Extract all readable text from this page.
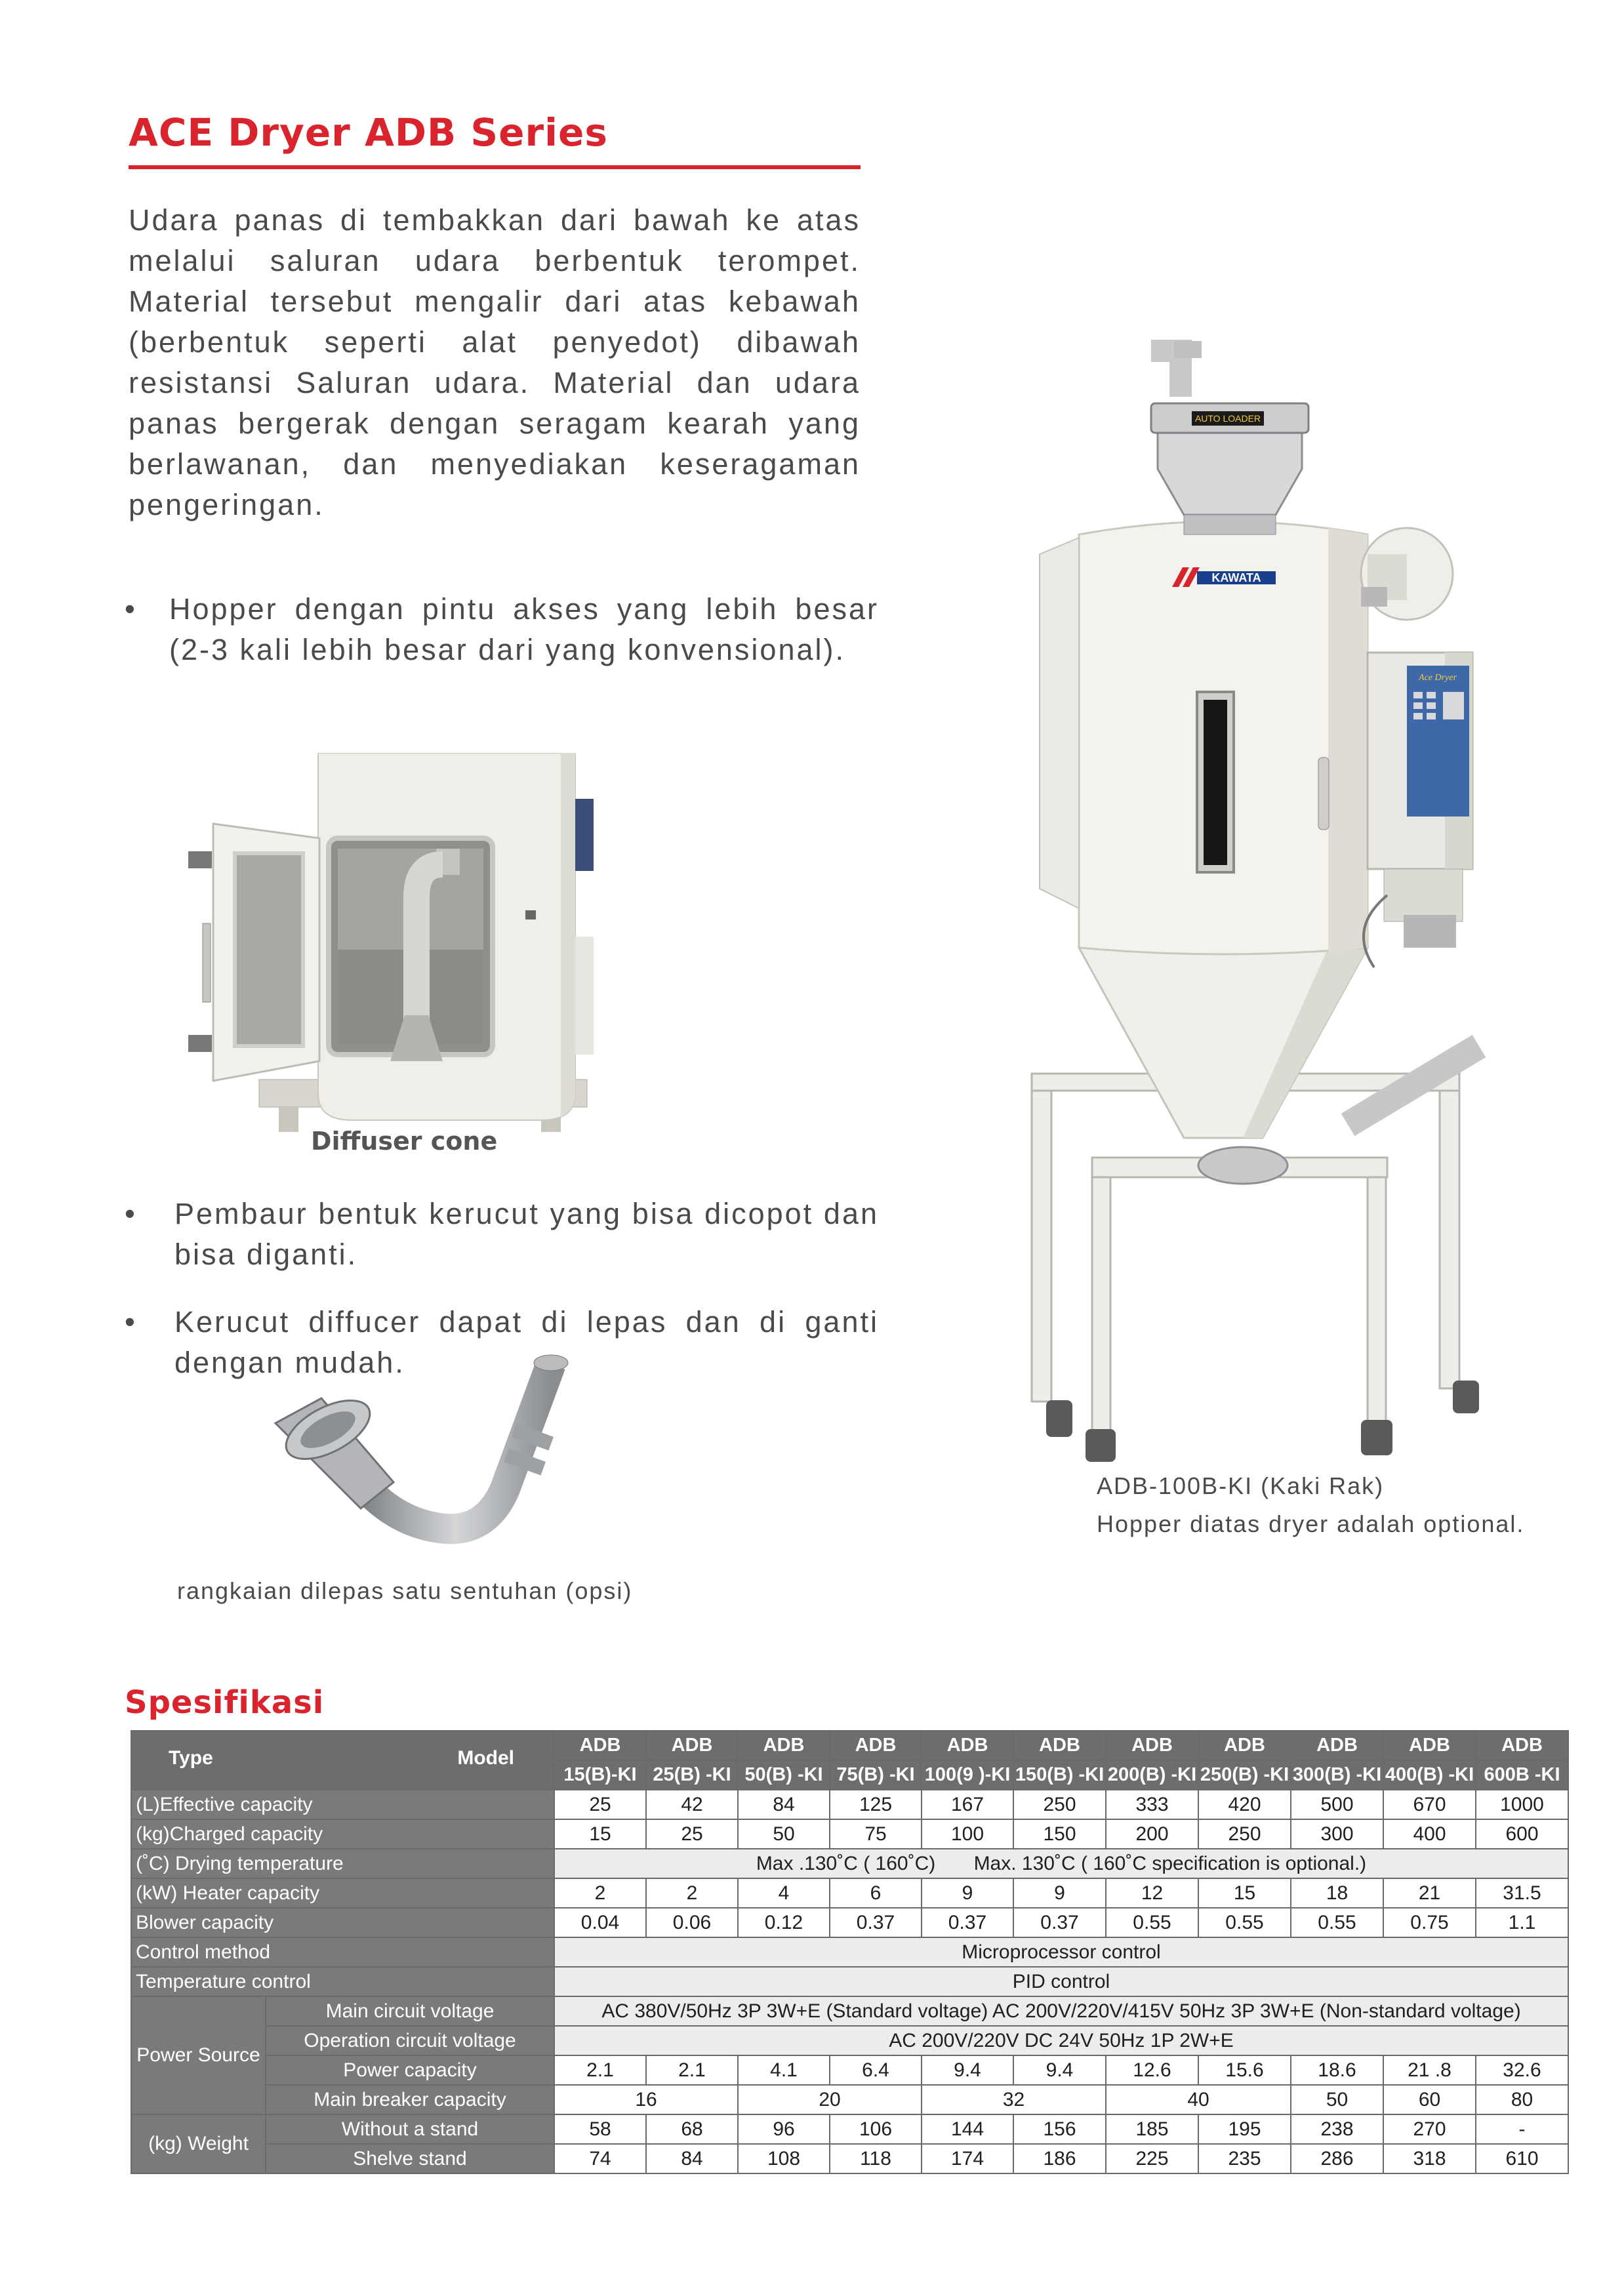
ACE Dryer ADB Series

Udara panas di tembakkan dari bawah ke atas melalui saluran udara berbentuk terompet. Material tersebut mengalir dari atas kebawah (berbentuk seperti alat penyedot) dibawah resistansi Saluran udara. Material dan udara panas bergerak dengan seragam kearah yang berlawanan, dan menyediakan keseragaman pengeringan.

• Hopper dengan pintu akses yang lebih besar (2-3 kali lebih besar dari yang konvensional).
Diffuser cone
• Pembaur bentuk kerucut yang bisa dicopot dan bisa diganti.
• Kerucut diffucer dapat di lepas dan di ganti dengan mudah.
rangkaian dilepas satu sentuhan (opsi)
KAWATA
AUTO LOADER
Ace Dryer
ADB-100B-KI (Kaki Rak)
Hopper diatas dryer adalah optional.
Spesifikasi
Type Model		ADB	ADB	ADB	ADB	ADB	ADB	ADB	ADB	ADB	ADB	ADB
		15(B)-KI	25(B) -KI	50(B) -KI	75(B) -KI	100(9 )-KI	150(B) -KI	200(B) -KI	250(B) -KI	300(B) -KI	400(B) -KI	600B -KI
(L)Effective capacity		25	42	84	125	167	250	333	420	500	670	1000
(kg)Charged capacity		15	25	50	75	100	150	200	250	300	400	600
(˚C) Drying temperature		Max .130˚C ( 160˚C)       Max. 130˚C ( 160˚C specification is optional.)										
(kW) Heater capacity		2	2	4	6	9	9	12	15	18	21	31.5
Blower capacity		0.04	0.06	0.12	0.37	0.37	0.37	0.55	0.55	0.55	0.75	1.1
Control method		Microprocessor control										
Temperature control		PID control										
Power Source	Main circuit voltage	AC 380V/50Hz 3P 3W+E (Standard voltage) AC 200V/220V/415V 50Hz 3P 3W+E (Non-standard voltage)										
	Operation circuit voltage	AC 200V/220V DC 24V 50Hz 1P 2W+E										
	Power capacity	2.1	2.1	4.1	6.4	9.4	9.4	12.6	15.6	18.6	21 .8	32.6
	Main breaker capacity	16		20		32		40		50	60	80
(kg) Weight	Without a stand	58	68	96	106	144	156	185	195	238	270	-
	Shelve stand	74	84	108	118	174	186	225	235	286	318	610
